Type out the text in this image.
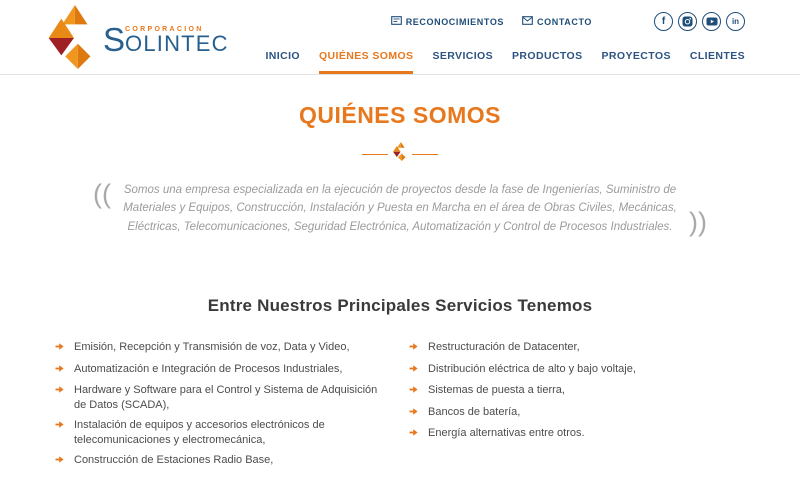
S CORPORACION
OLINTEC
RECONOCIMIENTOS	CONTACTO	f	in
INICIO QUIÉNES SOMOS SERVICIOS PRODUCTOS PROYECTOS CLIENTES
QUIÉNES SOMOS
(( Somos una empresa especializada en la ejecución de proyectos desde la fase de Ingenierías, Suministro de Materiales y Equipos, Construcción, Instalación y Puesta en Marcha en el área de Obras Civiles, Mecánicas, Eléctricas, Telecomunicaciones, Seguridad Electrónica, Automatización y Control de Procesos Industriales. ))
Entre Nuestros Principales Servicios Tenemos
Emisión, Recepción y Transmisión de voz, Data y Video,
Automatización e Integración de Procesos Industriales,
Hardware y Software para el Control y Sistema de Adquisición de Datos (SCADA),
Instalación de equipos y accesorios electrónicos de telecomunicaciones y electromecánica,
Construcción de Estaciones Radio Base,
Restructuración de Datacenter,
Distribución eléctrica de alto y bajo voltaje,
Sistemas de puesta a tierra,
Bancos de batería,
Energía alternativas entre otros.
